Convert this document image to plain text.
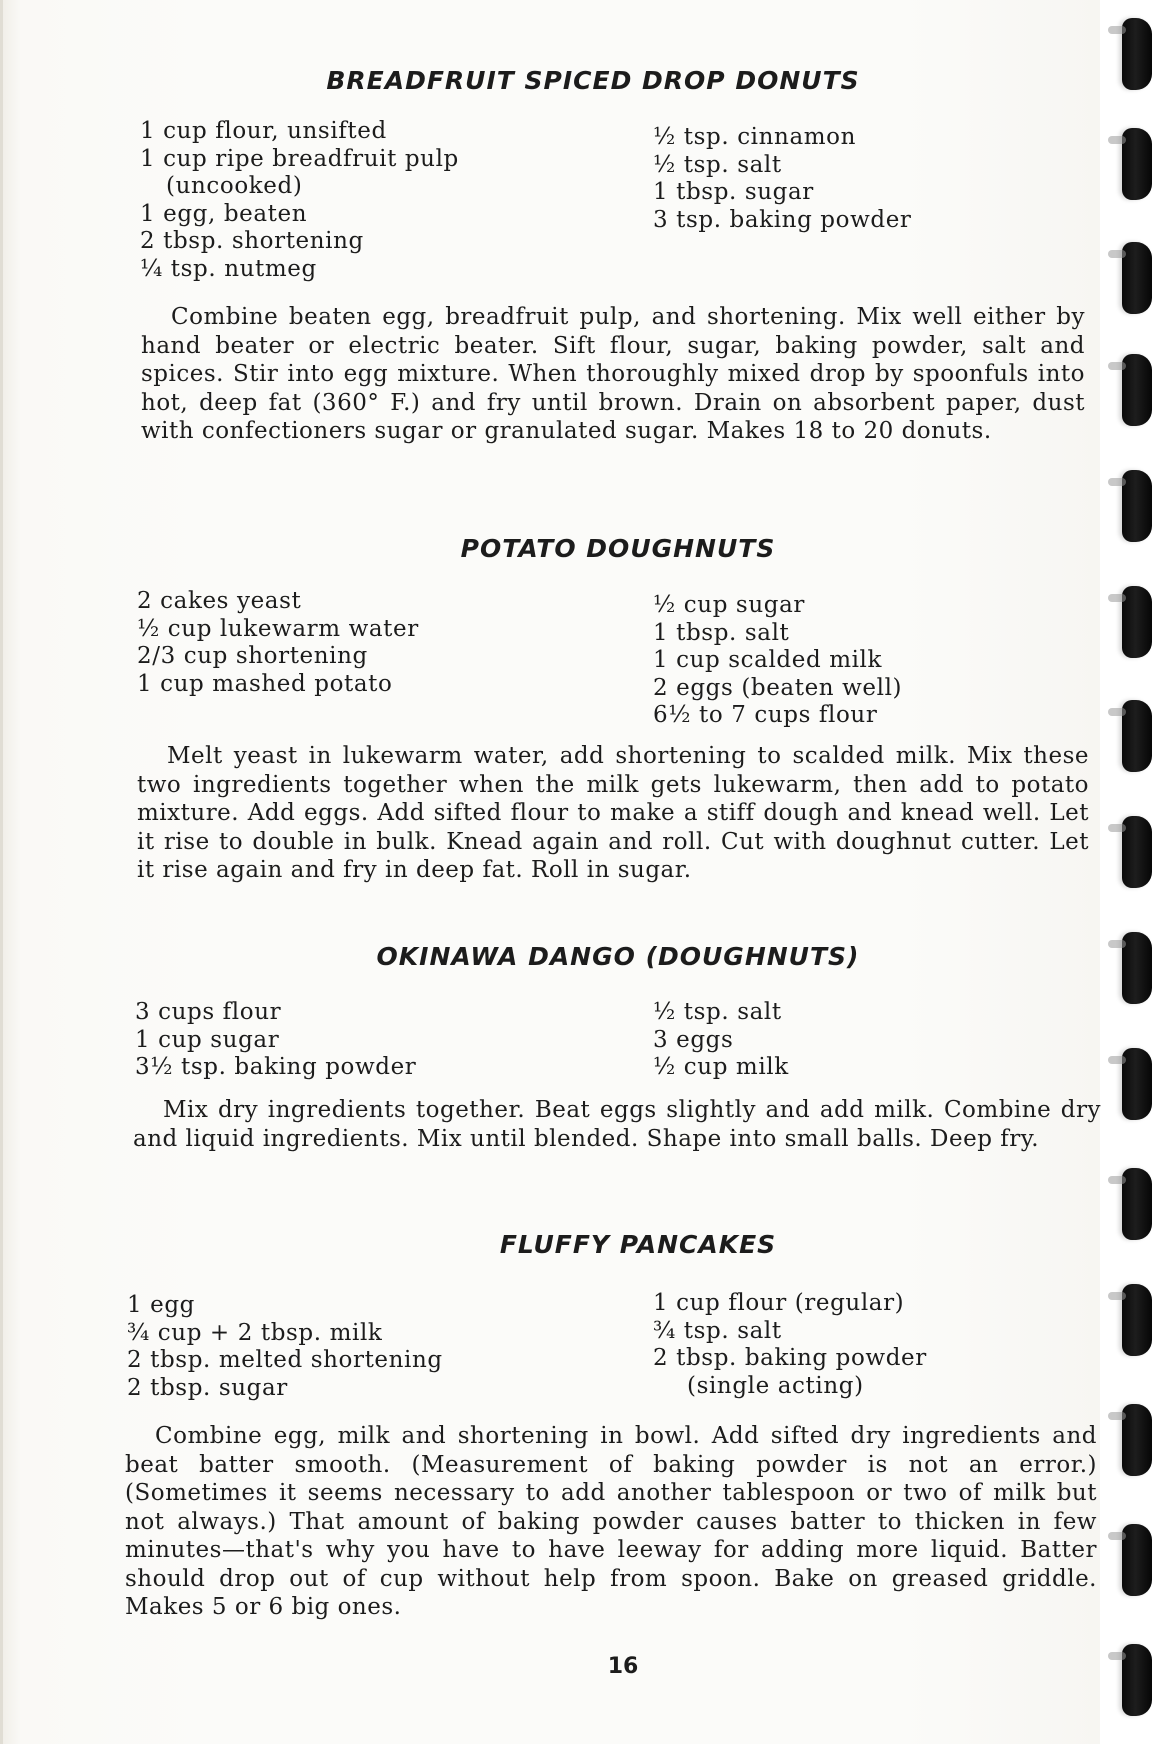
BREADFRUIT SPICED DROP DONUTS
1 cup flour, unsifted
1 cup ripe breadfruit pulp
(uncooked)
1 egg, beaten
2 tbsp. shortening
¼ tsp. nutmeg
½ tsp. cinnamon
½ tsp. salt
1 tbsp. sugar
3 tsp. baking powder

Combine beaten egg, breadfruit pulp, and shortening. Mix well either by hand beater or electric beater. Sift flour, sugar, baking powder, salt and spices. Stir into egg mixture. When thoroughly mixed drop by spoonfuls into hot, deep fat (360° F.) and fry until brown. Drain on absorbent paper, dust with confectioners sugar or granulated sugar. Makes 18 to 20 donuts.

POTATO DOUGHNUTS
2 cakes yeast
½ cup lukewarm water
2/3 cup shortening
1 cup mashed potato
½ cup sugar
1 tbsp. salt
1 cup scalded milk
2 eggs (beaten well)
6½ to 7 cups flour

Melt yeast in lukewarm water, add shortening to scalded milk. Mix these two ingredients together when the milk gets lukewarm, then add to potato mixture. Add eggs. Add sifted flour to make a stiff dough and knead well. Let it rise to double in bulk. Knead again and roll. Cut with doughnut cutter. Let it rise again and fry in deep fat. Roll in sugar.

OKINAWA DANGO (DOUGHNUTS)
3 cups flour
1 cup sugar
3½ tsp. baking powder
½ tsp. salt
3 eggs
½ cup milk

Mix dry ingredients together. Beat eggs slightly and add milk. Combine dry and liquid ingredients. Mix until blended. Shape into small balls. Deep fry.

FLUFFY PANCAKES
1 egg
¾ cup + 2 tbsp. milk
2 tbsp. melted shortening
2 tbsp. sugar
1 cup flour (regular)
¾ tsp. salt
2 tbsp. baking powder
(single acting)

Combine egg, milk and shortening in bowl. Add sifted dry ingredients and beat batter smooth. (Measurement of baking powder is not an error.) (Sometimes it seems necessary to add another tablespoon or two of milk but not always.) That amount of baking powder causes batter to thicken in few minutes—that's why you have to have leeway for adding more liquid. Batter should drop out of cup without help from spoon. Bake on greased griddle. Makes 5 or 6 big ones.

16
